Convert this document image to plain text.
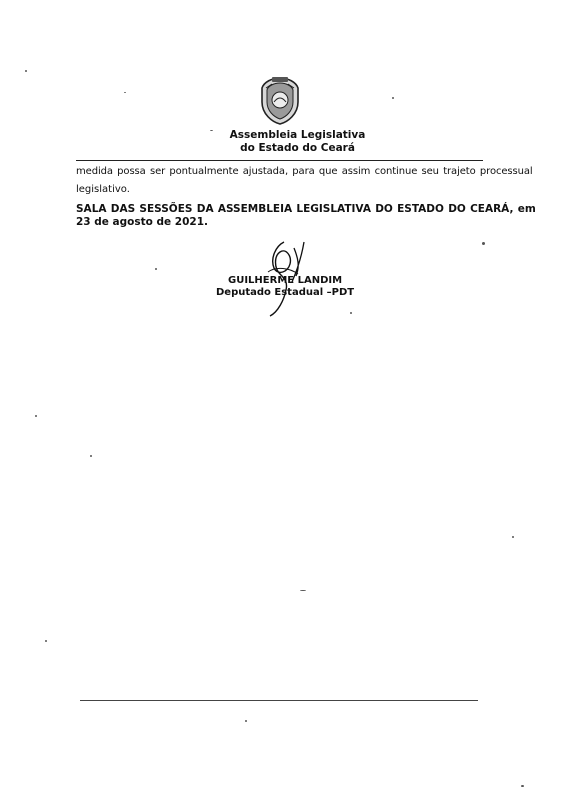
Assembleia Legislativa
do Estado do Ceará
medida possa ser pontualmente ajustada, para que assim continue seu trajeto processual
legislativo.
SALA DAS SESSÕES DA ASSEMBLEIA LEGISLATIVA DO ESTADO DO CEARÁ, em
23 de agosto de 2021.
GUILHERME LANDIM
Deputado Estadual –PDT
